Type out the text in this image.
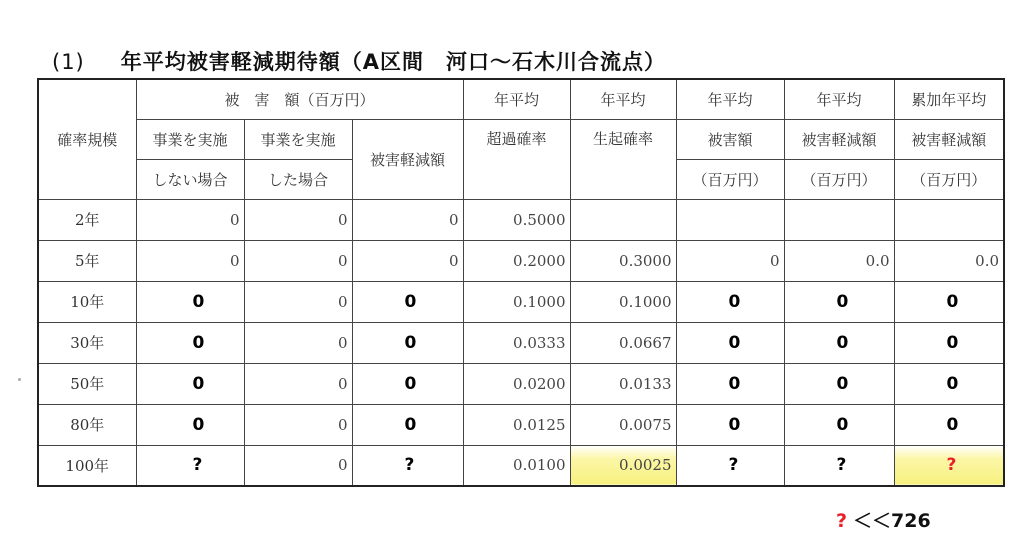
(1) 年平均被害軽減期待額（A区間　河口～石木川合流点）
確率規模	被　害　額（百万円）			年平均	年平均	年平均	年平均	累加年平均
	事業を実施	事業を実施	被害軽減額	超過確率	生起確率	被害額	被害軽減額	被害軽減額
	しない場合	した場合				（百万円）	（百万円）	（百万円）
2年	0	0	0	0.5000				
5年	0	0	0	0.2000	0.3000	0	0.0	0.0
10年	0	0	0	0.1000	0.1000	0	0	0
30年	0	0	0	0.0333	0.0667	0	0	0
50年	0	0	0	0.0200	0.0133	0	0	0
80年	0	0	0	0.0125	0.0075	0	0	0
100年	?	0	?	0.0100	0.0025	?	?	?
? ＜＜726
